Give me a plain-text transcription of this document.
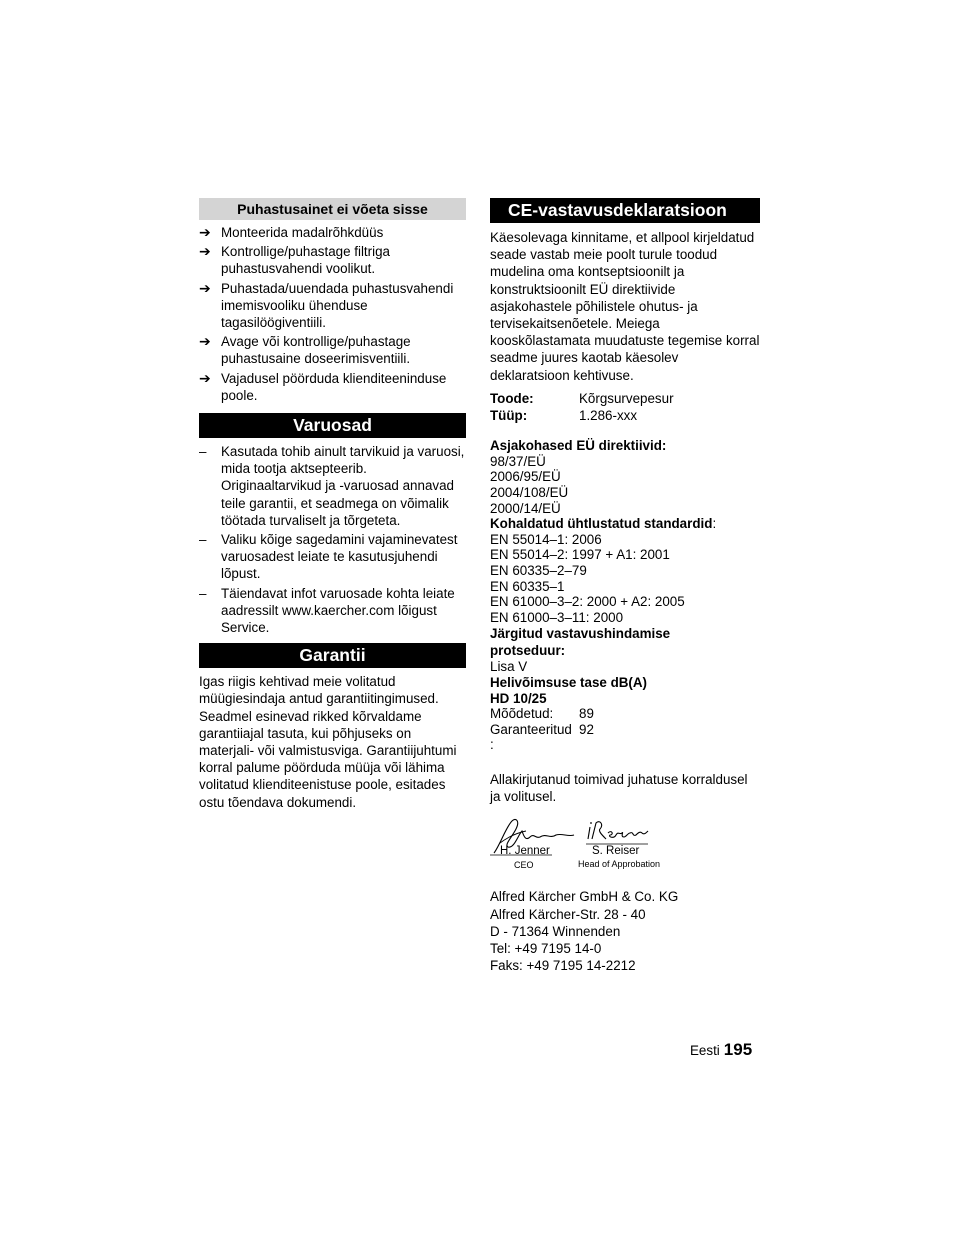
Puhastusainet ei võeta sisse
➔ Monteerida madalrõhkdüüs
➔ Kontrollige/puhastage filtriga puhastusvahendi voolikut.
➔ Puhastada/uuendada puhastusvahendi imemisvooliku ühenduse tagasilöögiventiili.
➔ Avage või kontrollige/puhastage puhastusaine doseerimisventiili.
➔ Vajadusel pöörduda klienditeeninduse poole.
Varuosad
– Kasutada tohib ainult tarvikuid ja varuosi, mida tootja aktsepteerib. Originaaltarvikud ja -varuosad annavad teile garantii, et seadmega on võimalik töötada turvaliselt ja tõrgeteta.
– Valiku kõige sagedamini vajaminevatest varuosadest leiate te kasutusjuhendi lõpust.
– Täiendavat infot varuosade kohta leiate aadressilt www.kaercher.com lõigust Service.
Garantii

Igas riigis kehtivad meie volitatud müügiesindaja antud garantiitingimused. Seadmel esinevad rikked kõrvaldame garantiiajal tasuta, kui põhjuseks on materjali- või valmistusviga. Garantiijuhtumi korral palume pöörduda müüja või lähima volitatud klienditeenistuse poole, esitades ostu tõendava dokumendi.

CE-vastavusdeklaratsioon

Käesolevaga kinnitame, et allpool kirjeldatud seade vastab meie poolt turule toodud mudelina oma kontseptsioonilt ja konstruktsioonilt EÜ direktiivide asjakohastele põhilistele ohutus- ja tervisekaitsenõetele. Meiega kooskõlastamata muudatuste tegemise korral seadme juures kaotab käesolev deklaratsioon kehtivuse.

Toode:	Kõrgsurvepesur
Tüüp:	1.286-xxx
Asjakohased EÜ direktiivid:
98/37/EÜ
2006/95/EÜ
2004/108/EÜ
2000/14/EÜ
Kohaldatud ühtlustatud standardid:
EN 55014–1: 2006
EN 55014–2: 1997 + A1: 2001
EN 60335–2–79
EN 60335–1
EN 61000–3–2: 2000 + A2: 2005
EN 61000–3–11: 2000
Järgitud vastavushindamise protseduur:
Lisa V
Helivõimsuse tase dB(A)
HD 10/25
Mõõdetud: 89
Garanteeritud 92
:

Allakirjutanud toimivad juhatuse korraldusel ja volitusel.

H. Jenner
CEO
S. Reiser
Head of Approbation
Alfred Kärcher GmbH & Co. KG
Alfred Kärcher-Str. 28 - 40
D - 71364 Winnenden
Tel: +49 7195 14-0
Faks: +49 7195 14-2212
Eesti 195
